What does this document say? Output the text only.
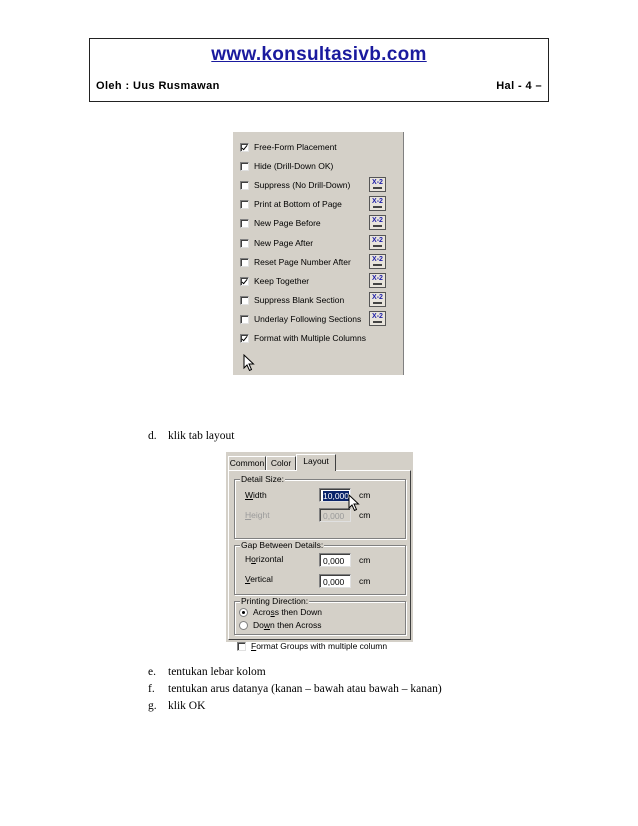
www.konsultasivb.com
Oleh : Uus Rusmawan	Hal - 4 –
Free-Form Placement
Hide (Drill-Down OK)
Suppress (No Drill-Down)	X-2
Print at Bottom of Page	X-2
New Page Before	X-2
New Page After	X-2
Reset Page Number After	X-2
Keep Together	X-2
Suppress Blank Section	X-2
Underlay Following Sections	X-2
Format with Multiple Columns
d. klik tab layout
Common Color	Layout
Detail Size:
Width	10,000 cm
Height	0,000	cm
Gap Between Details:
Horizontal	0,000	cm
Vertical	0,000	cm
Printing Direction:
Across then Down
Down then Across
Format Groups with multiple column
e. tentukan lebar kolom
f. tentukan arus datanya (kanan – bawah atau bawah – kanan)
g. klik OK
